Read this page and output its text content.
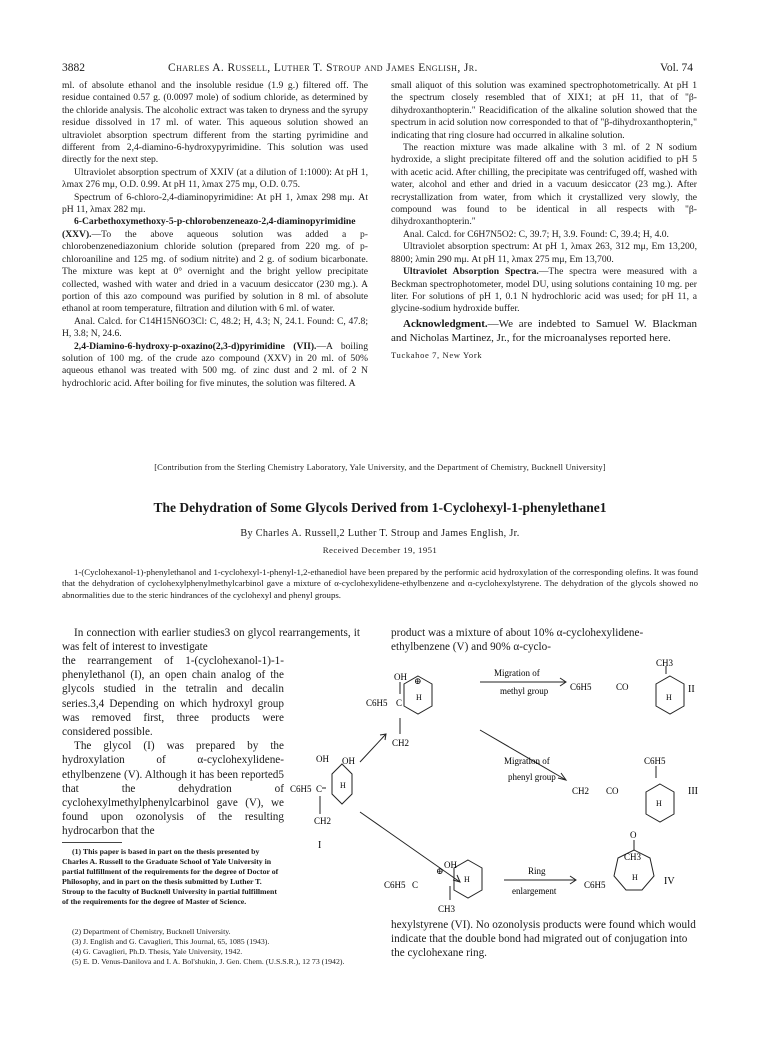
3882	Charles A. Russell, Luther T. Stroup and James English, Jr.	Vol. 74

ml. of absolute ethanol and the insoluble residue (1.9 g.) filtered off. The residue contained 0.57 g. (0.0097 mole) of sodium chloride, as determined by the chloride analysis. The alcoholic extract was taken to dryness and the syrupy residue dissolved in 17 ml. of water. This aqueous solution showed an ultraviolet absorption spectrum different from the starting pyrimidine and different from 2,4-diamino-6-hydroxypyrimidine. This solution was used directly for the next step.

Ultraviolet absorption spectrum of XXIV (at a dilution of 1:1000): At pH 1, λmax 276 mμ, O.D. 0.99. At pH 11, λmax 275 mμ, O.D. 0.75.

Spectrum of 6-chloro-2,4-diaminopyrimidine: At pH 1, λmax 298 mμ. At pH 11, λmax 282 mμ.

6-Carbethoxymethoxy-5-p-chlorobenzeneazo-2,4-diaminopyrimidine (XXV).—To the above aqueous solution was added a p-chlorobenzenediazonium chloride solution (prepared from 220 mg. of p-chloroaniline and 125 mg. of sodium nitrite) and 2 g. of sodium bicarbonate. The mixture was kept at 0° overnight and the bright yellow precipitate collected, washed with water and dried in a vacuum desiccator (230 mg.). A portion of this azo compound was purified by solution in 8 ml. of absolute ethanol at room temperature, filtration and dilution with 6 ml. of water.

Anal. Calcd. for C14H15N6O3Cl: C, 48.2; H, 4.3; N, 24.1. Found: C, 47.8; H, 3.8; N, 24.6.

2,4-Diamino-6-hydroxy-p-oxazino(2,3-d)pyrimidine (VII).—A boiling solution of 100 mg. of the crude azo compound (XXV) in 20 ml. of 50% aqueous ethanol was treated with 500 mg. of zinc dust and 2 ml. of 2 N hydrochloric acid. After boiling for five minutes, the solution was filtered. A

small aliquot of this solution was examined spectrophotometrically. At pH 1 the spectrum closely resembled that of XIX1; at pH 11, that of "β-dihydroxanthopterin." Reacidification of the alkaline solution showed that the spectrum in acid solution now corresponded to that of "β-dihydroxanthopterin," indicating that ring closure had occurred in alkaline solution.

The reaction mixture was made alkaline with 3 ml. of 2 N sodium hydroxide, a slight precipitate filtered off and the solution acidified to pH 5 with acetic acid. After chilling, the precipitate was centrifuged off, washed with water, alcohol and ether and dried in a vacuum desiccator (23 mg.). After recrystallization from water, from which it crystallized very slowly, the compound was found to be identical in all respects with "β-dihydroxanthopterin."

Anal. Calcd. for C6H7N5O2: C, 39.7; H, 3.9. Found: C, 39.4; H, 4.0.

Ultraviolet absorption spectrum: At pH 1, λmax 263, 312 mμ, Em 13,200, 8800; λmin 290 mμ. At pH 11, λmax 275 mμ, Em 13,700.

Ultraviolet Absorption Spectra.—The spectra were measured with a Beckman spectrophotometer, model DU, using solutions containing 10 mg. per liter. For solutions of pH 1, 0.1 N hydrochloric acid was used; for pH 11, a glycine-sodium hydroxide buffer.

Acknowledgment.—We are indebted to Samuel W. Blackman and Nicholas Martinez, Jr., for the microanalyses reported here.

Tuckahoe 7, New York

[Contribution from the Sterling Chemistry Laboratory, Yale University, and the Department of Chemistry, Bucknell University]
The Dehydration of Some Glycols Derived from 1-Cyclohexyl-1-phenylethane1
By Charles A. Russell,2 Luther T. Stroup and James English, Jr.
Received December 19, 1951
1-(Cyclohexanol-1)-phenylethanol and 1-cyclohexyl-1-phenyl-1,2-ethanediol have been prepared by the performic acid hydroxylation of the corresponding olefins. It was found that the dehydration of cyclohexylphenylmethylcarbinol gave a mixture of α-cyclohexylidene-ethylbenzene and α-cyclohexylstyrene. The dehydration of the glycols showed no abnormalities due to the steric hindrances of the cyclohexyl and phenyl groups.

In connection with earlier studies3 on glycol rearrangements, it was felt of interest to investigate

the rearrangement of 1-(cyclohexanol-1)-1-phenylethanol (I), an open chain analog of the glycols studied in the tetralin and decalin series.3,4 Depending on which hydroxyl group was removed first, three products were considered possible.

The glycol (I) was prepared by the hydroxylation of α-cyclohexylidene-ethylbenzene (V). Although it has been reported5 that the dehydration of cyclohexylmethylphenylcarbinol gave (V), we found upon ozonolysis of the resulting hydrocarbon that the

product was a mixture of about 10% α-cyclohexylidene-ethylbenzene (V) and 90% α-cyclo-

(1) This paper is based in part on the thesis presented by Charles A. Russell to the Graduate School of Yale University in partial fulfillment of the requirements for the degree of Doctor of Philosophy, and in part on the thesis submitted by Luther T. Stroup to the faculty of Bucknell University in partial fulfillment of the requirements for the degree of Master of Science.

(2) Department of Chemistry, Bucknell University.

(3) J. English and G. Cavaglieri, This Journal, 65, 1085 (1943).

(4) G. Cavaglieri, Ph.D. Thesis, Yale University, 1942.

(5) E. D. Venus-Danilova and I. A. Bol'shukin, J. Gen. Chem. (U.S.S.R.), 12 73 (1942).

hexylstyrene (VI). No ozonolysis products were found which would indicate that the double bond had migrated out of conjugation into the cyclohexane ring.
OH OH
C6H5 C H
CH2
I
OH
C6H5 C
⊕
H
CH2
Migration of
methyl group
Migration of
phenyl group
C6H5	CO
CH3
H
II
CH2 CO
C6H5
H
III
OH
C6H5 C
⊕
H
CH3
Ring
enlargement
O
C6H5
CH3
H	IV
